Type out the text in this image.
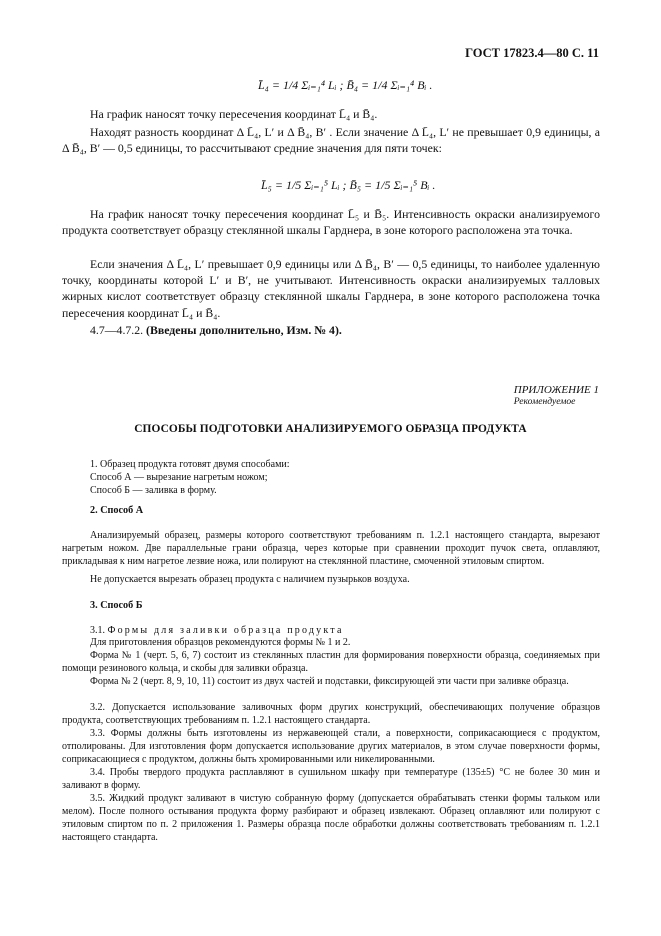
ГОСТ 17823.4—80 С. 11
L̄₄ = 1/4 Σᵢ₌₁⁴ Lᵢ ; B̄₄ = 1/4 Σᵢ₌₁⁴ Bᵢ .

На график наносят точку пересечения координат L̄₄ и B̄₄.

Находят разность координат Δ L̄₄, L′ и Δ B̄₄, B′ . Если значение Δ L̄₄, L′ не превышает 0,9 единицы, а Δ B̄₄, B′ — 0,5 единицы, то рассчитывают средние значения для пяти точек:

L̄₅ = 1/5 Σᵢ₌₁⁵ Lᵢ ; B̄₅ = 1/5 Σᵢ₌₁⁵ Bᵢ .

На график наносят точку пересечения координат L̄₅ и B̄₅. Интенсивность окраски анализируемого продукта соответствует образцу стеклянной шкалы Гарднера, в зоне которого расположена эта точка.

Если значения Δ L̄₄, L′ превышает 0,9 единицы или Δ B̄₄, B′ — 0,5 единицы, то наиболее удаленную точку, координаты которой L′ и B′, не учитывают. Интенсивность окраски анализируемых талловых жирных кислот соответствует образцу стеклянной шкалы Гарднера, в зоне которого расположена точка пересечения координат L̄₄ и B̄₄.

4.7—4.7.2. (Введены дополнительно, Изм. № 4).

ПРИЛОЖЕНИЕ 1
Рекомендуемое
СПОСОБЫ ПОДГОТОВКИ АНАЛИЗИРУЕМОГО ОБРАЗЦА ПРОДУКТА
1. Образец продукта готовят двумя способами:
Способ А — вырезание нагретым ножом;
Способ Б — заливка в форму.
2. Способ А

Анализируемый образец, размеры которого соответствуют требованиям п. 1.2.1 настоящего стандарта, вырезают нагретым ножом. Две параллельные грани образца, через которые при сравнении проходит пучок света, оплавляют, прикладывая к ним нагретое лезвие ножа, или полируют на стеклянной пластине, смоченной этиловым спиртом.

Не допускается вырезать образец продукта с наличием пузырьков воздуха.

3. Способ Б

3.1. Формы для заливки образца продукта

Для приготовления образцов рекомендуются формы № 1 и 2.

Форма № 1 (черт. 5, 6, 7) состоит из стеклянных пластин для формирования поверхности образца, соединяемых при помощи резинового кольца, и скобы для заливки образца.

Форма № 2 (черт. 8, 9, 10, 11) состоит из двух частей и подставки, фиксирующей эти части при заливке образца.

3.2. Допускается использование заливочных форм других конструкций, обеспечивающих получение образцов продукта, соответствующих требованиям п. 1.2.1 настоящего стандарта.

3.3. Формы должны быть изготовлены из нержавеющей стали, а поверхности, соприкасающиеся с продуктом, отполированы. Для изготовления форм допускается использование других материалов, в этом случае поверхности формы, соприкасающиеся с продуктом, должны быть хромированными или никелированными.

3.4. Пробы твердого продукта расплавляют в сушильном шкафу при температуре (135±5) °С не более 30 мин и заливают в форму.

3.5. Жидкий продукт заливают в чистую собранную форму (допускается обрабатывать стенки формы тальком или мелом). После полного остывания продукта форму разбирают и образец извлекают. Образец оплавляют или полируют с этиловым спиртом по п. 2 приложения 1. Размеры образца после обработки должны соответствовать требованиям п. 1.2.1 настоящего стандарта.
